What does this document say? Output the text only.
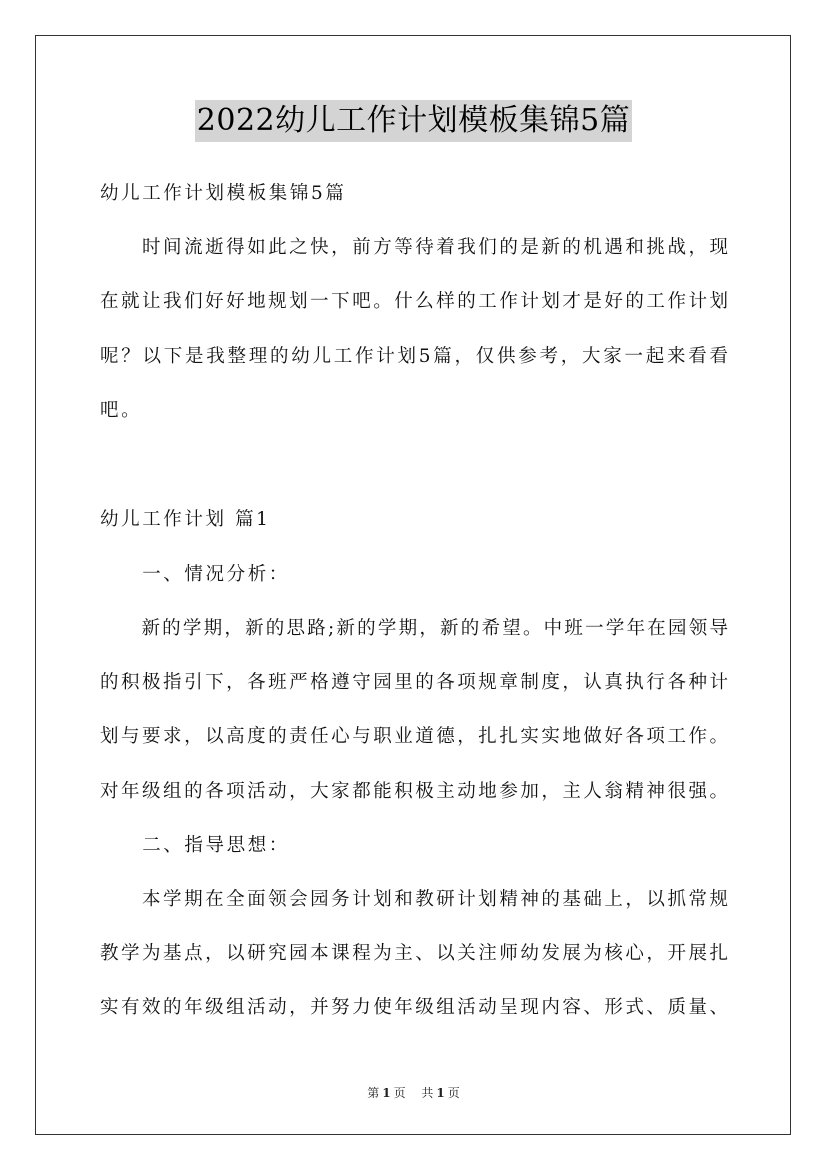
2022幼儿工作计划模板集锦5篇
幼儿工作计划模板集锦5篇
　　时间流逝得如此之快，前方等待着我们的是新的机遇和挑战，现
在就让我们好好地规划一下吧。什么样的工作计划才是好的工作计划
呢？以下是我整理的幼儿工作计划5篇，仅供参考，大家一起来看看
吧。
幼儿工作计划 篇1
　　一、情况分析：
　　新的学期，新的思路;新的学期，新的希望。中班一学年在园领导
的积极指引下，各班严格遵守园里的各项规章制度，认真执行各种计
划与要求，以高度的责任心与职业道德，扎扎实实地做好各项工作。
对年级组的各项活动，大家都能积极主动地参加，主人翁精神很强。
　　二、指导思想：
　　本学期在全面领会园务计划和教研计划精神的基础上，以抓常规
教学为基点，以研究园本课程为主、以关注师幼发展为核心，开展扎
实有效的年级组活动，并努力使年级组活动呈现内容、形式、质量、
第 1 页 共 1 页
